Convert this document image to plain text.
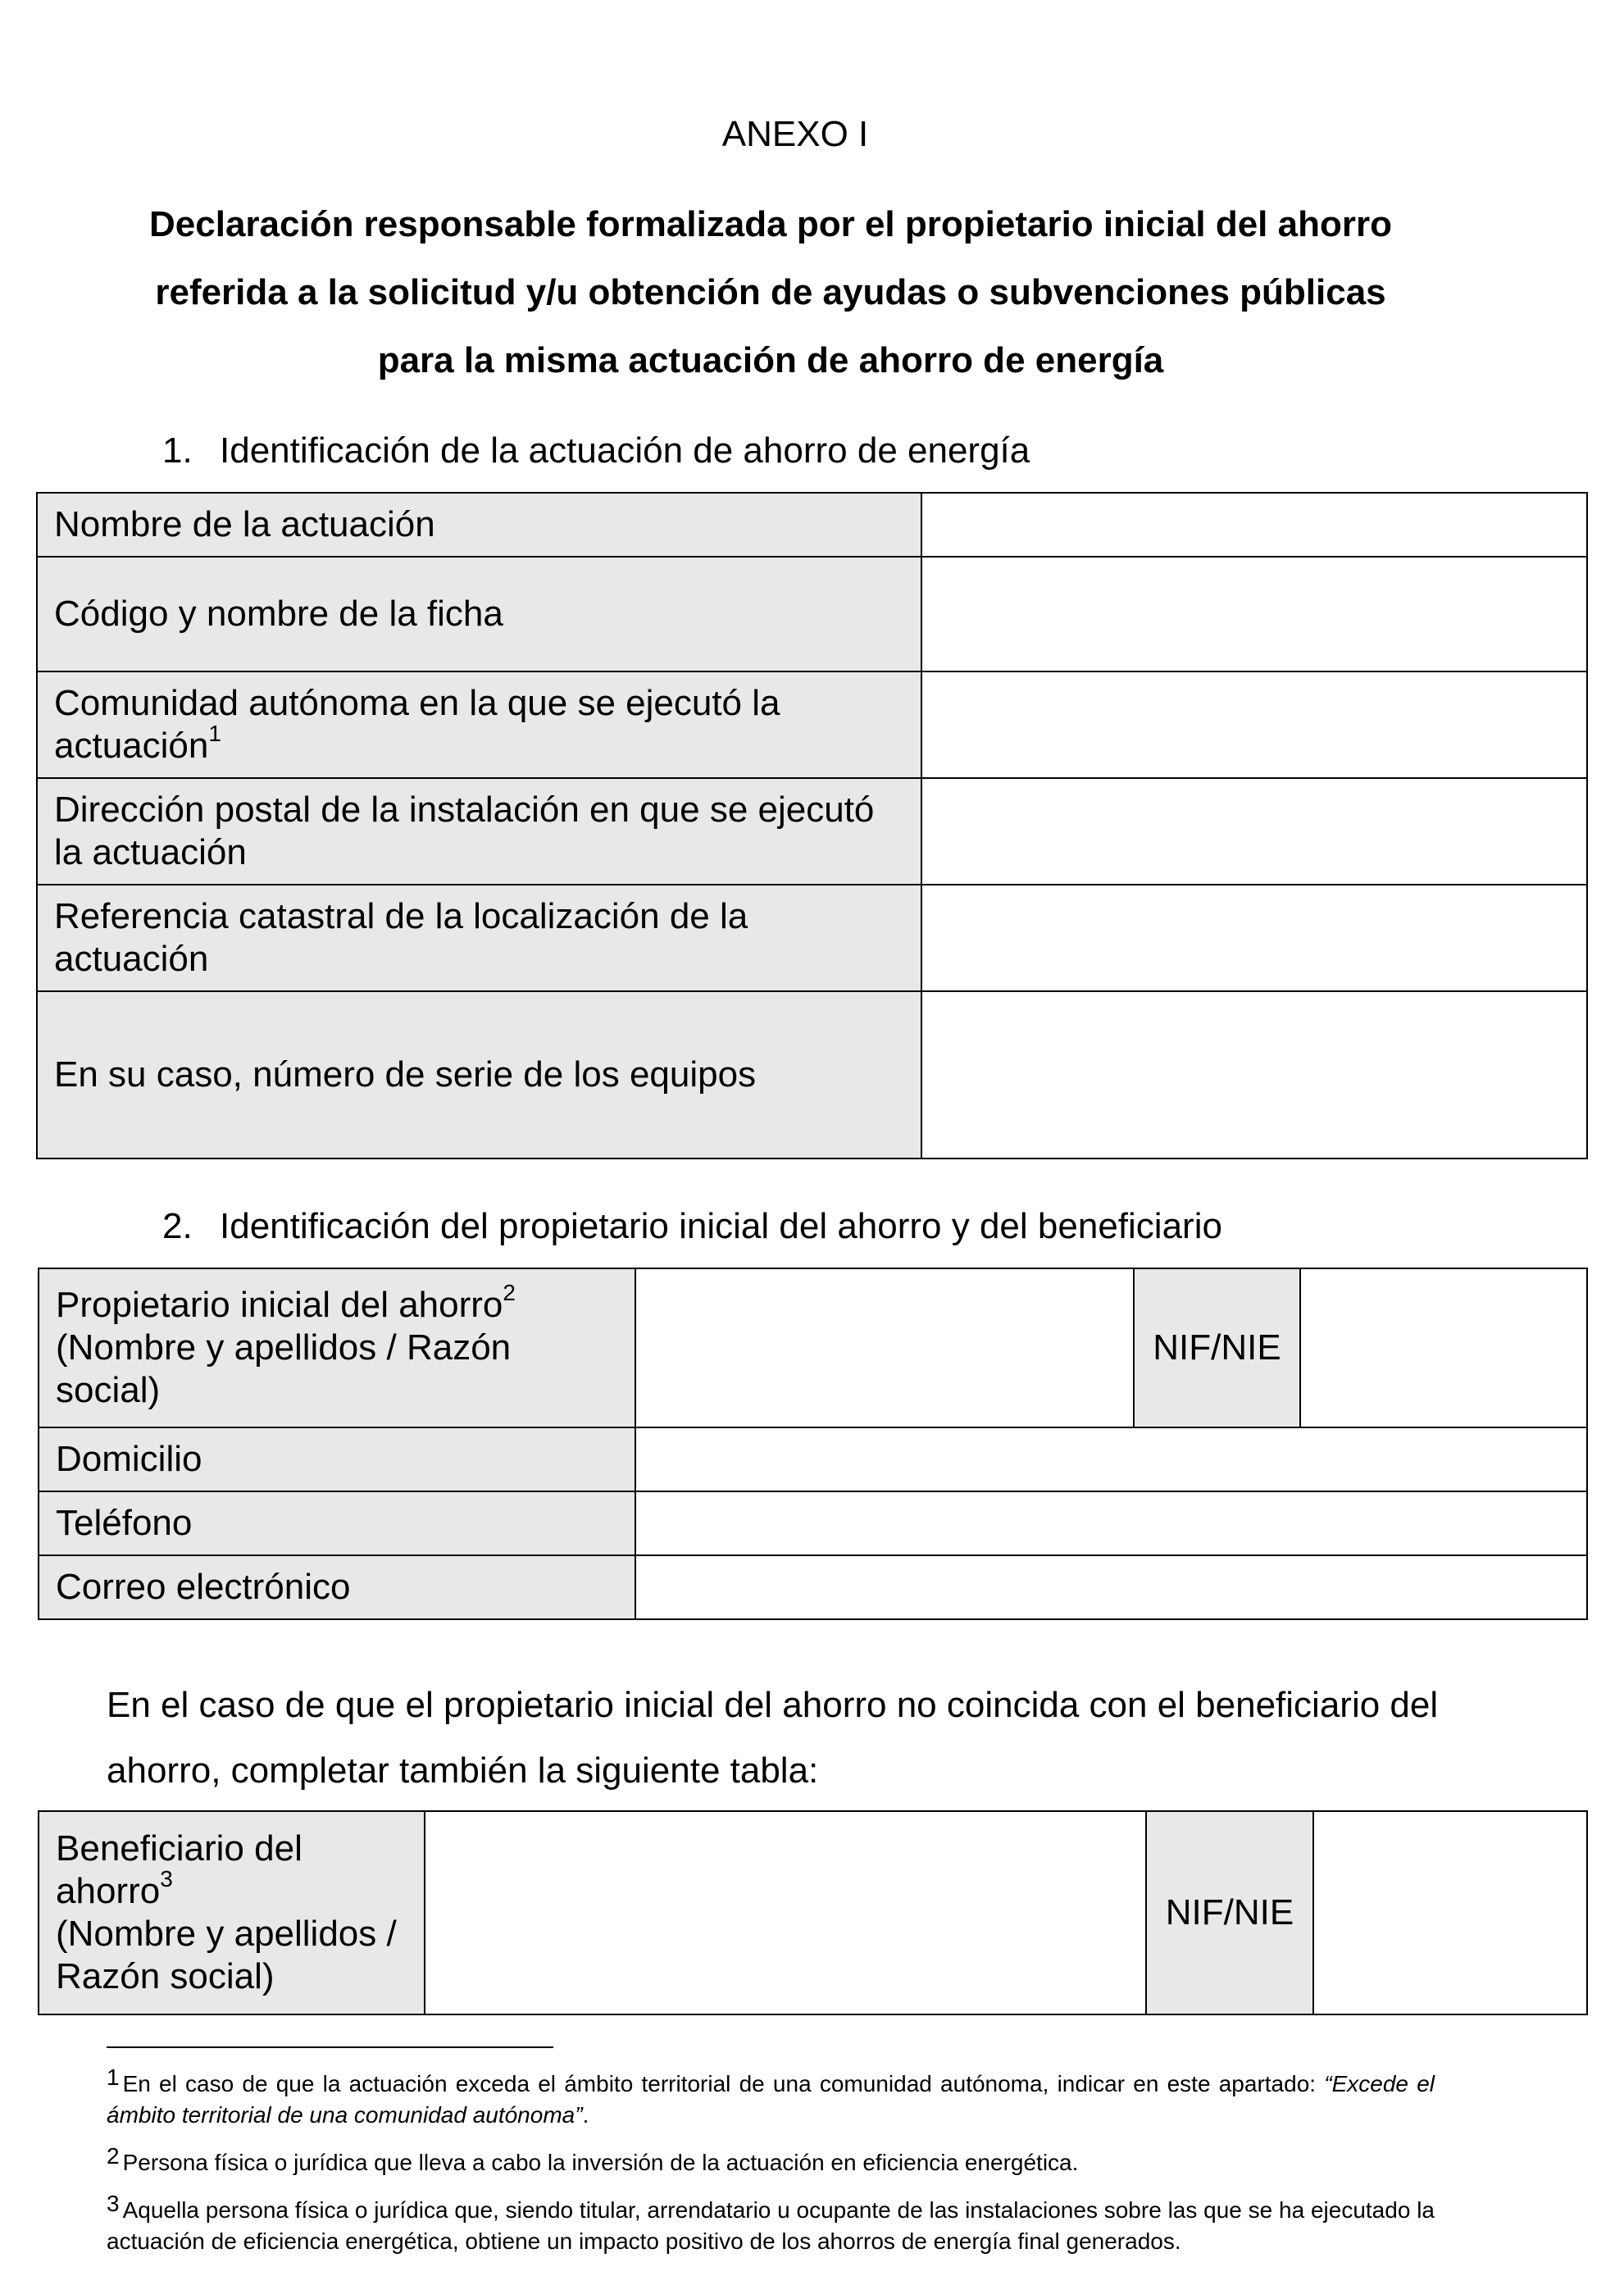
ANEXO I
Declaración responsable formalizada por el propietario inicial del ahorro
referida a la solicitud y/u obtención de ayudas o subvenciones públicas
para la misma actuación de ahorro de energía
1. Identificación de la actuación de ahorro de energía
Nombre de la actuación	
Código y nombre de la ficha	
Comunidad autónoma en la que se ejecutó la actuación$^1$	
Dirección postal de la instalación en que se ejecutó la actuación	
Referencia catastral de la localización de la actuación	
En su caso, número de serie de los equipos	
2. Identificación del propietario inicial del ahorro y del beneficiario
Propietario inicial del ahorro$^2$
(Nombre y apellidos / Razón social)		NIF/NIE	
Domicilio			
Teléfono			
Correo electrónico			
En el caso de que el propietario inicial del ahorro no coincida con el beneficiario del ahorro, completar también la siguiente tabla:
Beneficiario del ahorro$^3$
(Nombre y apellidos / Razón social)		NIF/NIE	

1 En el caso de que la actuación exceda el ámbito territorial de una comunidad autónoma, indicar en este apartado: “Excede el ámbito territorial de una comunidad autónoma”.

2 Persona física o jurídica que lleva a cabo la inversión de la actuación en eficiencia energética.

3 Aquella persona física o jurídica que, siendo titular, arrendatario u ocupante de las instalaciones sobre las que se ha ejecutado la actuación de eficiencia energética, obtiene un impacto positivo de los ahorros de energía final generados.
